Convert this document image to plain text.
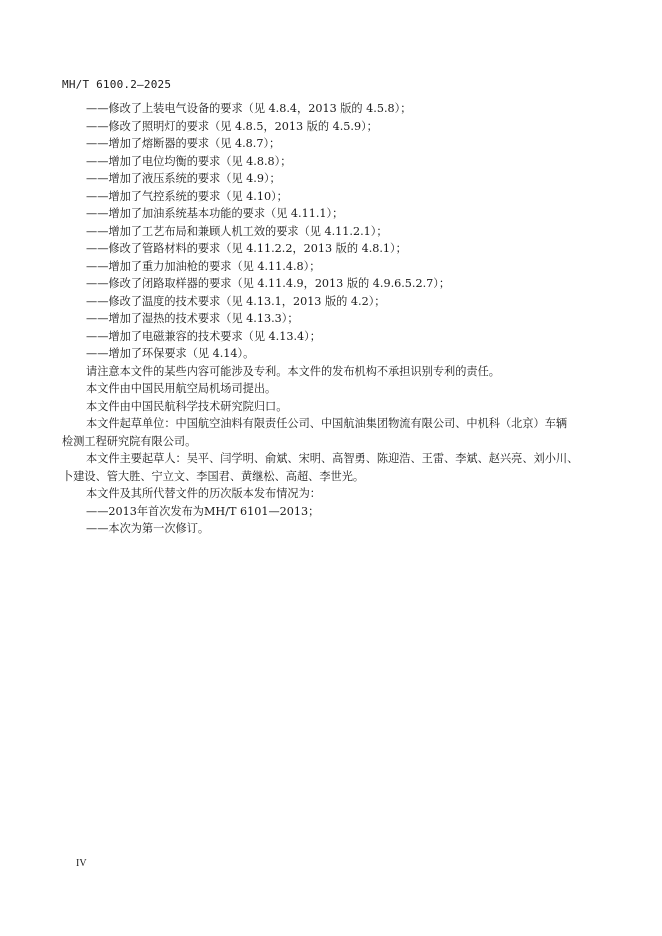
MH/T 6100.2—2025
——修改了上装电气设备的要求（见 4.8.4，2013 版的 4.5.8）；
——修改了照明灯的要求（见 4.8.5，2013 版的 4.5.9）；
——增加了熔断器的要求（见 4.8.7）；
——增加了电位均衡的要求（见 4.8.8）；
——增加了液压系统的要求（见 4.9）；
——增加了气控系统的要求（见 4.10）；
——增加了加油系统基本功能的要求（见 4.11.1）；
——增加了工艺布局和兼顾人机工效的要求（见 4.11.2.1）；
——修改了管路材料的要求（见 4.11.2.2，2013 版的 4.8.1）；
——增加了重力加油枪的要求（见 4.11.4.8）；
——修改了闭路取样器的要求（见 4.11.4.9，2013 版的 4.9.6.5.2.7）；
——修改了温度的技术要求（见 4.13.1，2013 版的 4.2）；
——增加了湿热的技术要求（见 4.13.3）；
——增加了电磁兼容的技术要求（见 4.13.4）；
——增加了环保要求（见 4.14）。
请注意本文件的某些内容可能涉及专利。本文件的发布机构不承担识别专利的责任。
本文件由中国民用航空局机场司提出。
本文件由中国民航科学技术研究院归口。
本文件起草单位：中国航空油料有限责任公司、中国航油集团物流有限公司、中机科（北京）车辆
检测工程研究院有限公司。
本文件主要起草人：吴平、闫学明、俞斌、宋明、高智勇、陈迎浩、王雷、李斌、赵兴亮、刘小川、
卜建设、管大胜、宁立文、李国君、黄继松、高超、李世光。
本文件及其所代替文件的历次版本发布情况为：
——2013年首次发布为MH/T 6101—2013；
——本次为第一次修订。
IV
